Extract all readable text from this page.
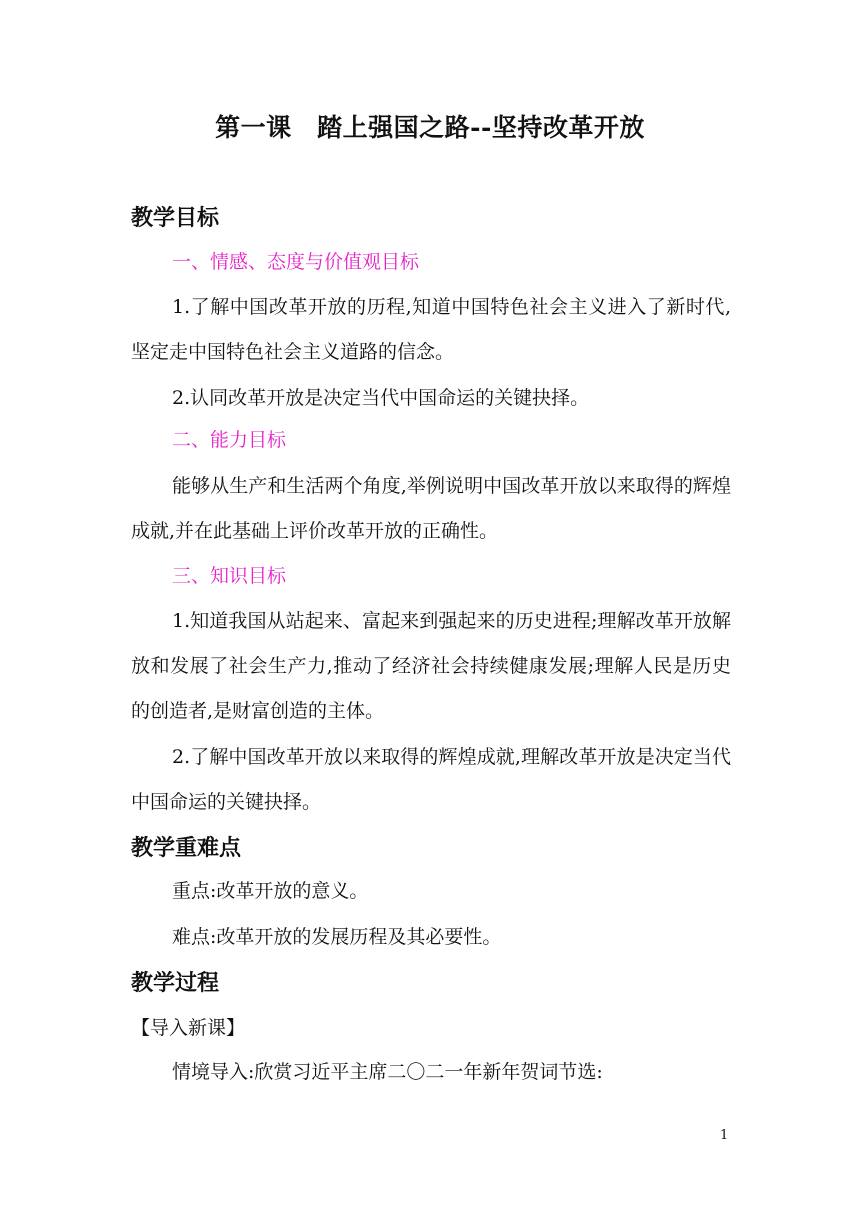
第一课　踏上强国之路--坚持改革开放
教学目标
一、情感、态度与价值观目标
1.了解中国改革开放的历程,知道中国特色社会主义进入了新时代,坚定走中国特色社会主义道路的信念。
2.认同改革开放是决定当代中国命运的关键抉择。
二、能力目标
能够从生产和生活两个角度,举例说明中国改革开放以来取得的辉煌成就,并在此基础上评价改革开放的正确性。
三、知识目标
1.知道我国从站起来、富起来到强起来的历史进程;理解改革开放解放和发展了社会生产力,推动了经济社会持续健康发展;理解人民是历史的创造者,是财富创造的主体。
2.了解中国改革开放以来取得的辉煌成就,理解改革开放是决定当代中国命运的关键抉择。
教学重难点
重点:改革开放的意义。
难点:改革开放的发展历程及其必要性。
教学过程
【导入新课】
情境导入:欣赏习近平主席二〇二一年新年贺词节选:
1
